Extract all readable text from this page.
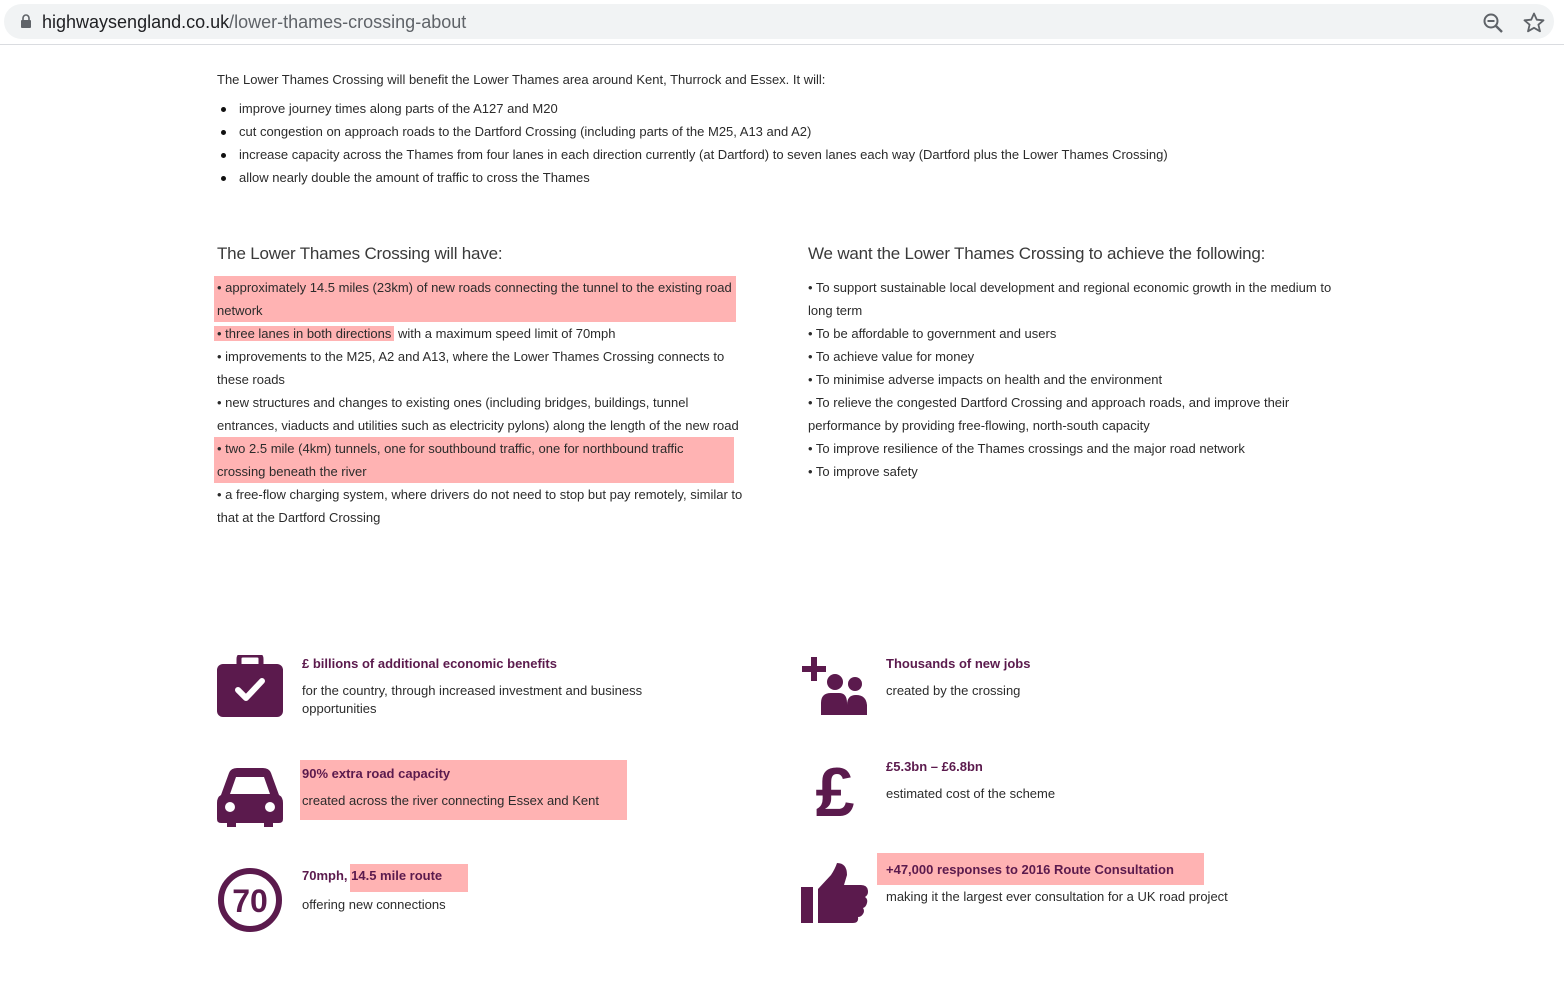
highwaysengland.co.uk/lower-thames-crossing-about

The Lower Thames Crossing will benefit the Lower Thames area around Kent, Thurrock and Essex. It will:

improve journey times along parts of the A127 and M20
cut congestion on approach roads to the Dartford Crossing (including parts of the M25, A13 and A2)
increase capacity across the Thames from four lanes in each direction currently (at Dartford) to seven lanes each way (Dartford plus the Lower Thames Crossing)
allow nearly double the amount of traffic to cross the Thames
The Lower Thames Crossing will have:
• approximately 14.5 miles (23km) of new roads connecting the tunnel to the existing road network
• three lanes in both directions with a maximum speed limit of 70mph
• improvements to the M25, A2 and A13, where the Lower Thames Crossing connects to these roads
• new structures and changes to existing ones (including bridges, buildings, tunnel entrances, viaducts and utilities such as electricity pylons) along the length of the new road
• two 2.5 mile (4km) tunnels, one for southbound traffic, one for northbound traffic crossing beneath the river
• a free-flow charging system, where drivers do not need to stop but pay remotely, similar to that at the Dartford Crossing
We want the Lower Thames Crossing to achieve the following:
• To support sustainable local development and regional economic growth in the medium to long term
• To be affordable to government and users
• To achieve value for money
• To minimise adverse impacts on health and the environment
• To relieve the congested Dartford Crossing and approach roads, and improve their performance by providing free-flowing, north-south capacity
• To improve resilience of the Thames crossings and the major road network
• To improve safety
£ billions of additional economic benefits
for the country, through increased investment and business opportunities
Thousands of new jobs
created by the crossing
90% extra road capacity
created across the river connecting Essex and Kent	£ £5.3bn – £6.8bn
estimated cost of the scheme
70
70mph, 14.5 mile route
offering new connections
+47,000 responses to 2016 Route Consultation
making it the largest ever consultation for a UK road project
